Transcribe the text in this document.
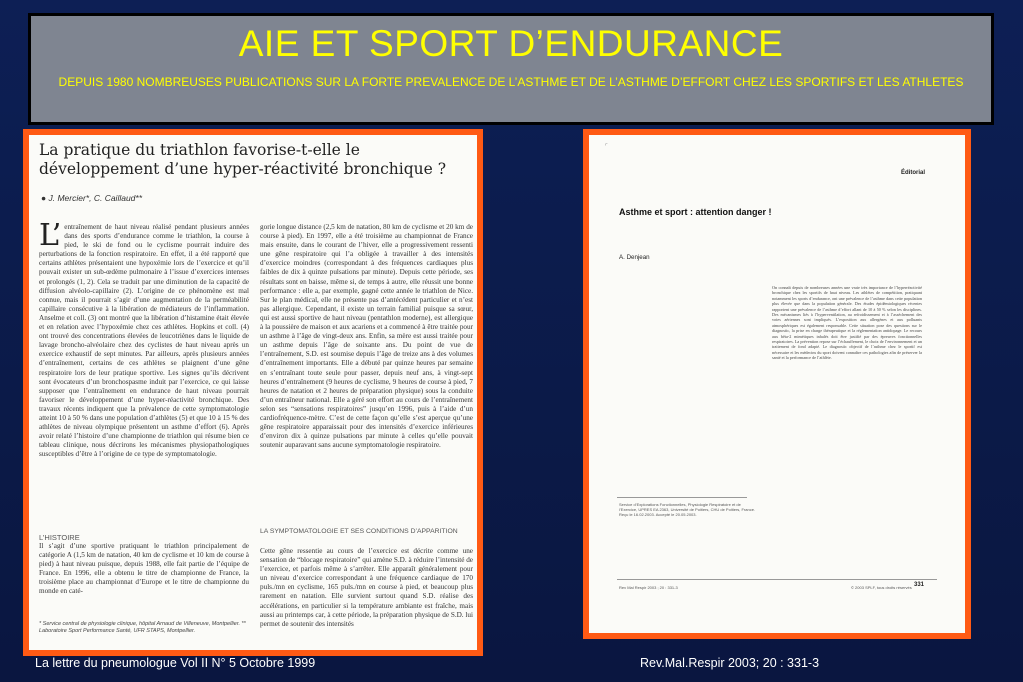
AIE ET SPORT D’ENDURANCE
DEPUIS 1980 NOMBREUSES PUBLICATIONS SUR LA FORTE PREVALENCE DE L’ASTHME ET DE L’ASTHME D’EFFORT CHEZ LES SPORTIFS ET LES ATHLETES
La pratique du triathlon favorise-t-elle le développement d’une hyper-réactivité bronchique ?
● J. Mercier*, C. Caillaud**
L’ entraînement de haut niveau réalisé pendant plusieurs années dans des sports d’endurance comme le triathlon, la course à pied, le ski de fond ou le cyclisme pourrait induire des perturbations de la fonction respiratoire. En effet, il a été rapporté que certains athlètes présentaient une hypoxémie lors de l’exercice et qu’il pouvait exister un sub-œdème pulmonaire à l’issue d’exercices intenses et prolongés (1, 2). Cela se traduit par une diminution de la capacité de diffusion alvéolo-capillaire (2). L’origine de ce phénomène est mal connue, mais il pourrait s’agir d’une augmentation de la perméabilité capillaire consécutive à la libération de médiateurs de l’inflammation. Anselme et coll. (3) ont montré que la libération d’histamine était élevée et en relation avec l’hypoxémie chez ces athlètes. Hopkins et coll. (4) ont trouvé des concentrations élevées de leucotriènes dans le liquide de lavage broncho-alvéolaire chez des cyclistes de haut niveau après un exercice exhaustif de sept minutes. Par ailleurs, après plusieurs années d’entraînement, certains de ces athlètes se plaignent d’une gêne respiratoire lors de leur pratique sportive. Les signes qu’ils décrivent sont évocateurs d’un bronchospasme induit par l’exercice, ce qui laisse supposer que l’entraînement en endurance de haut niveau pourrait favoriser le développement d’une hyper-réactivité bronchique. Des travaux récents indiquent que la prévalence de cette symptomatologie atteint 10 à 50 % dans une population d’athlètes (5) et que 10 à 15 % des athlètes de niveau olympique présentent un asthme d’effort (6). Après avoir relaté l’histoire d’une championne de triathlon qui résume bien ce tableau clinique, nous décrirons les mécanismes physiopathologiques susceptibles d’être à l’origine de ce type de symptomatologie.
gorie longue distance (2,5 km de natation, 80 km de cyclisme et 20 km de course à pied). En 1997, elle a été troisième au championnat de France mais ensuite, dans le courant de l’hiver, elle a progressivement ressenti une gêne respiratoire qui l’a obligée à travailler à des intensités d’exercice moindres (correspondant à des fréquences cardiaques plus faibles de dix à quinze pulsations par minute). Depuis cette période, ses résultats sont en baisse, même si, de temps à autre, elle réussit une bonne performance : elle a, par exemple, gagné cette année le triathlon de Nice. Sur le plan médical, elle ne présente pas d’antécédent particulier et n’est pas allergique. Cependant, il existe un terrain familial puisque sa sœur, qui est aussi sportive de haut niveau (pentathlon moderne), est allergique à la poussière de maison et aux acariens et a commencé à être traitée pour un asthme à l’âge de vingt-deux ans. Enfin, sa mère est aussi traitée pour un asthme depuis l’âge de soixante ans. Du point de vue de l’entraînement, S.D. est soumise depuis l’âge de treize ans à des volumes d’entraînement importants. Elle a débuté par quinze heures par semaine en s’entraînant toute seule pour passer, depuis neuf ans, à vingt-sept heures d’entraînement (9 heures de cyclisme, 9 heures de course à pied, 7 heures de natation et 2 heures de préparation physique) sous la conduite d’un entraîneur national. Elle a géré son effort au cours de l’entraînement selon ses “sensations respiratoires” jusqu’en 1996, puis à l’aide d’un cardiofréquence-mètre. C’est de cette façon qu’elle s’est aperçue qu’une gêne respiratoire apparaissait pour des intensités d’exercice inférieures d’environ dix à quinze pulsations par minute à celles qu’elle pouvait soutenir auparavant sans aucune symptomatologie respiratoire.
L’HISTOIRE
Il s’agit d’une sportive pratiquant le triathlon principalement de catégorie A (1,5 km de natation, 40 km de cyclisme et 10 km de course à pied) à haut niveau puisque, depuis 1988, elle fait partie de l’équipe de France. En 1996, elle a obtenu le titre de championne de France, la troisième place au championnat d’Europe et le titre de championne du monde en caté-
LA SYMPTOMATOLOGIE ET SES CONDITIONS D’APPARITION
Cette gêne ressentie au cours de l’exercice est décrite comme une sensation de “blocage respiratoire” qui amène S.D. à réduire l’intensité de l’exercice, et parfois même à s’arrêter. Elle apparaît généralement pour un niveau d’exercice correspondant à une fréquence cardiaque de 170 puls./mn en cyclisme, 165 puls./mn en course à pied, et beaucoup plus rarement en natation. Elle survient surtout quand S.D. réalise des accélérations, en particulier si la température ambiante est fraîche, mais aussi au printemps car, à cette période, la préparation physique de S.D. lui permet de soutenir des intensités
* Service central de physiologie clinique, hôpital Arnaud de Villeneuve, Montpellier. ** Laboratoire Sport Performance Santé, UFR STAPS, Montpellier.
⌜
Éditorial
Asthme et sport : attention danger !
A. Denjean
On connaît depuis de nombreuses années une vraie très importance de l’hyperréactivité bronchique chez les sportifs de haut niveau. Les athlètes de compétition, pratiquant notamment les sports d’endurance, ont une prévalence de l’asthme dans cette population plus élevée que dans la population générale. Des études épidémiologiques récentes rapportent une prévalence de l’asthme d’effort allant de 10 à 50 % selon les disciplines. Des mécanismes liés à l’hyperventilation, au refroidissement et à l’assèchement des voies aériennes sont impliqués. L’exposition aux allergènes et aux polluants atmosphériques est également responsable. Cette situation pose des questions sur le diagnostic, la prise en charge thérapeutique et la réglementation antidopage. Le recours aux bêta-2 mimétiques inhalés doit être justifié par des épreuves fonctionnelles respiratoires. La prévention repose sur l’échauffement, le choix de l’environnement et un traitement de fond adapté. Le diagnostic objectif de l’asthme chez le sportif est nécessaire et les médecins du sport doivent connaître ces pathologies afin de préserver la santé et la performance de l’athlète.
Service d’Explorations Fonctionnelles, Physiologie Respiratoire et de l’Exercice, UPRES EA 2363, Université de Poitiers, CHU de Poitiers, France. Reçu le 16.02.2003. Accepté le 20.05.2003.
Rev Mal Respir 2003 ; 20 : 331-3	© 2003 SPLF, tous droits réservés 331
La lettre du pneumologue Vol II N° 5 Octobre 1999	Rev.Mal.Respir 2003; 20 : 331-3
